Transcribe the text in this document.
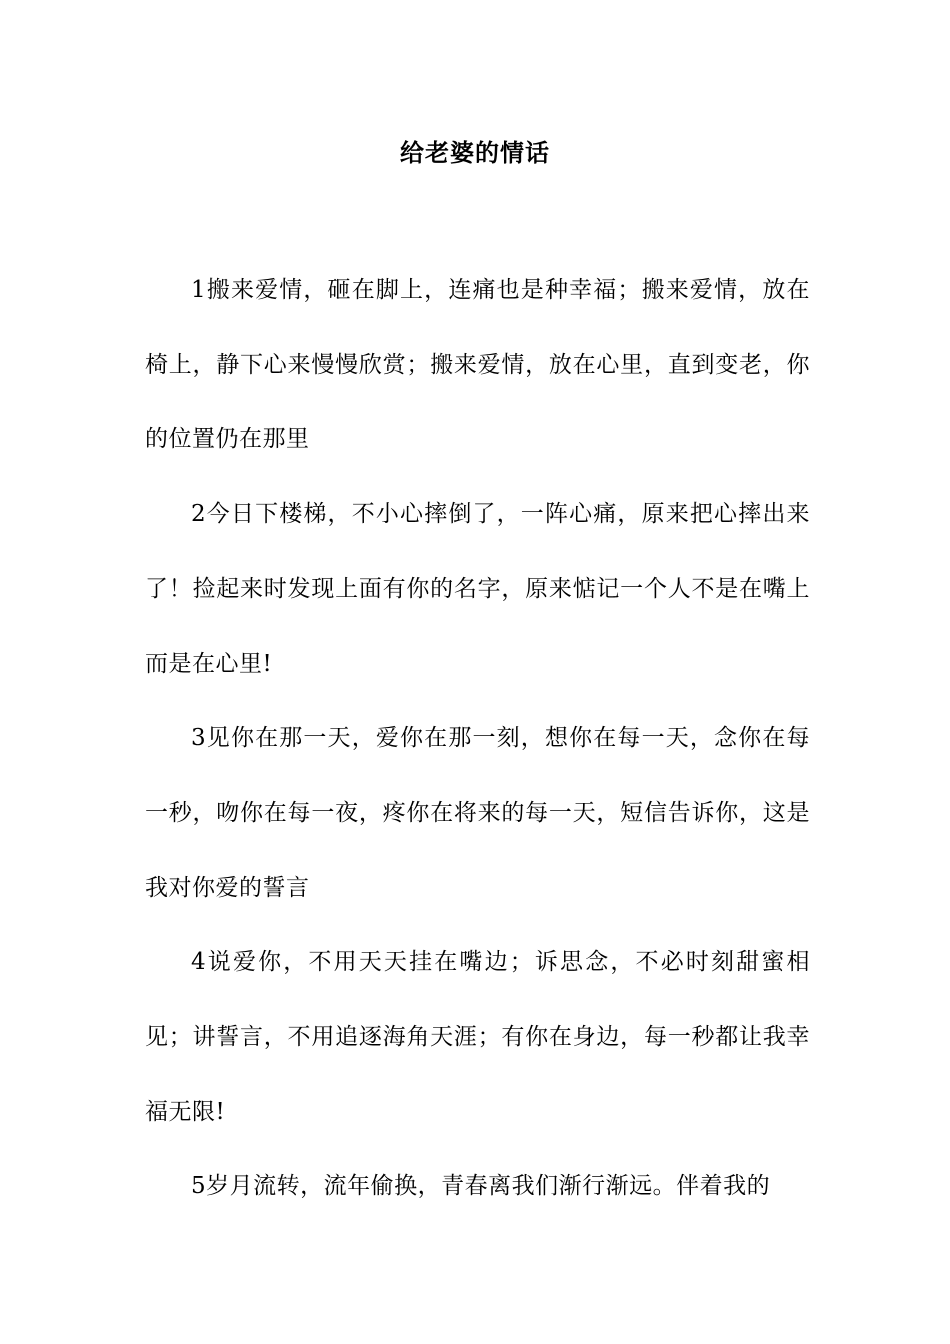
给老婆的情话

1搬来爱情，砸在脚上，连痛也是种幸福；搬来爱情，放在椅上，静下心来慢慢欣赏；搬来爱情，放在心里，直到变老，你的位置仍在那里

2今日下楼梯，不小心摔倒了，一阵心痛，原来把心摔出来了！捡起来时发现上面有你的名字，原来惦记一个人不是在嘴上而是在心里!

3见你在那一天，爱你在那一刻，想你在每一天，念你在每一秒，吻你在每一夜，疼你在将来的每一天，短信告诉你，这是我对你爱的誓言

4说爱你，不用天天挂在嘴边；诉思念，不必时刻甜蜜相见；讲誓言，不用追逐海角天涯；有你在身边，每一秒都让我幸福无限!

5岁月流转，流年偷换，青春离我们渐行渐远。伴着我的
